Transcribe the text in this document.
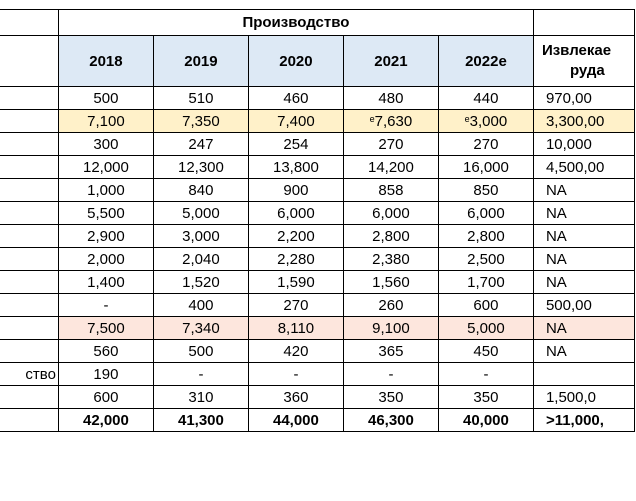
	Производство					
	2018	2019	2020	2021	2022e	Извлекае
руда

	500	510	460	480	440	970,00
	7,100	7,350	7,400	$^e$7,630	$^e$3,000	3,300,00
	300	247	254	270	270	10,000
	12,000	12,300	13,800	14,200	16,000	4,500,00
	1,000	840	900	858	850	NA
	5,500	5,000	6,000	6,000	6,000	NA
	2,900	3,000	2,200	2,800	2,800	NA
	2,000	2,040	2,280	2,380	2,500	NA
	1,400	1,520	1,590	1,560	1,700	NA
	-	400	270	260	600	500,00
	7,500	7,340	8,110	9,100	5,000	NA
	560	500	420	365	450	NA
ство	190	-	-	-	-	
	600	310	360	350	350	1,500,0
	42,000	41,300	44,000	46,300	40,000	>11,000,
